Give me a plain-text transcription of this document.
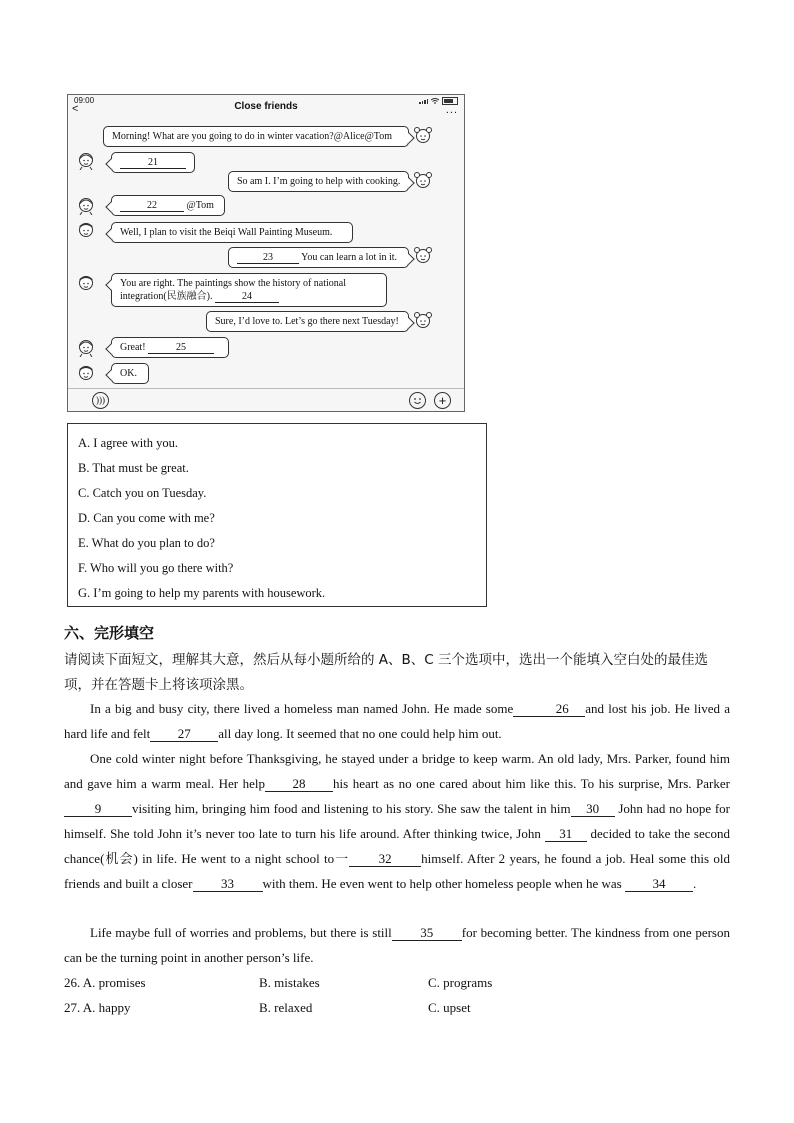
09:00
<	Close friends	...
Morning! What are you going to do in winter vacation?@Alice@Tom
21
So am I. I’m going to help with cooking.
22	@Tom
Well, I plan to visit the Beiqi Wall Painting Museum.
23	You can learn a lot in it.
You are right. The paintings show the history of national
integration(民族融合).	24
Sure, I’d love to. Let’s go there next Tuesday!
Great!	25
OK.
)))	+
A. I agree with you.
B. That must be great.
C. Catch you on Tuesday.
D. Can you come with me?
E. What do you plan to do?
F. Who will you go there with?
G. I’m going to help my parents with housework.
六、完形填空
请阅读下面短文，理解其大意，然后从每小题所给的 A、B、C 三个选项中，选出一个能填入空白处的最佳选项，并在答题卡上将该项涂黑。
In a big and busy city, there lived a homeless man named John. He made some	26 and lost his job. He lived a hard life and felt 27 all day long. It seemed that no one could help him out.
One cold winter night before Thanksgiving, he stayed under a bridge to keep warm. An old lady, Mrs. Parker, found him and gave him a warm meal. Her help 28 his heart as no one cared about him like this. To his surprise, Mrs. Parker9 visiting him, bringing him food and listening to his story. She saw the talent in him 30 John had no hope for himself. She told John it’s never too late to turn his life around. After thinking twice, John 31 decided to take the second chance(机会) in life. He went to a night school to一 32 himself. After 2 years, he found a job. Heal some this old friends and built a closer 33 with them. He even went to help other homeless people when he was 34 .
Life maybe full of worries and problems, but there is still 35 for becoming better. The kindness from one person can be the turning point in another person’s life.
26. A. promises	B. mistakes	C. programs
27. A. happy	B. relaxed	C. upset
